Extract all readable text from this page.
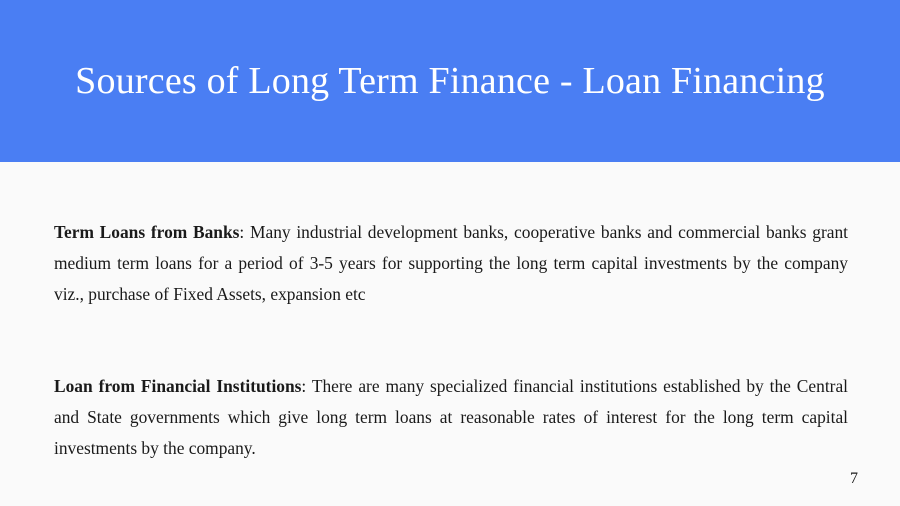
Sources of Long Term Finance - Loan Financing

Term Loans from Banks: Many industrial development banks, cooperative banks and commercial banks grant medium term loans for a period of 3-5 years for supporting the long term capital investments by the company viz., purchase of Fixed Assets, expansion etc

Loan from Financial Institutions: There are many specialized financial institutions established by the Central and State governments which give long term loans at reasonable rates of interest for the long term capital investments by the company.

7
